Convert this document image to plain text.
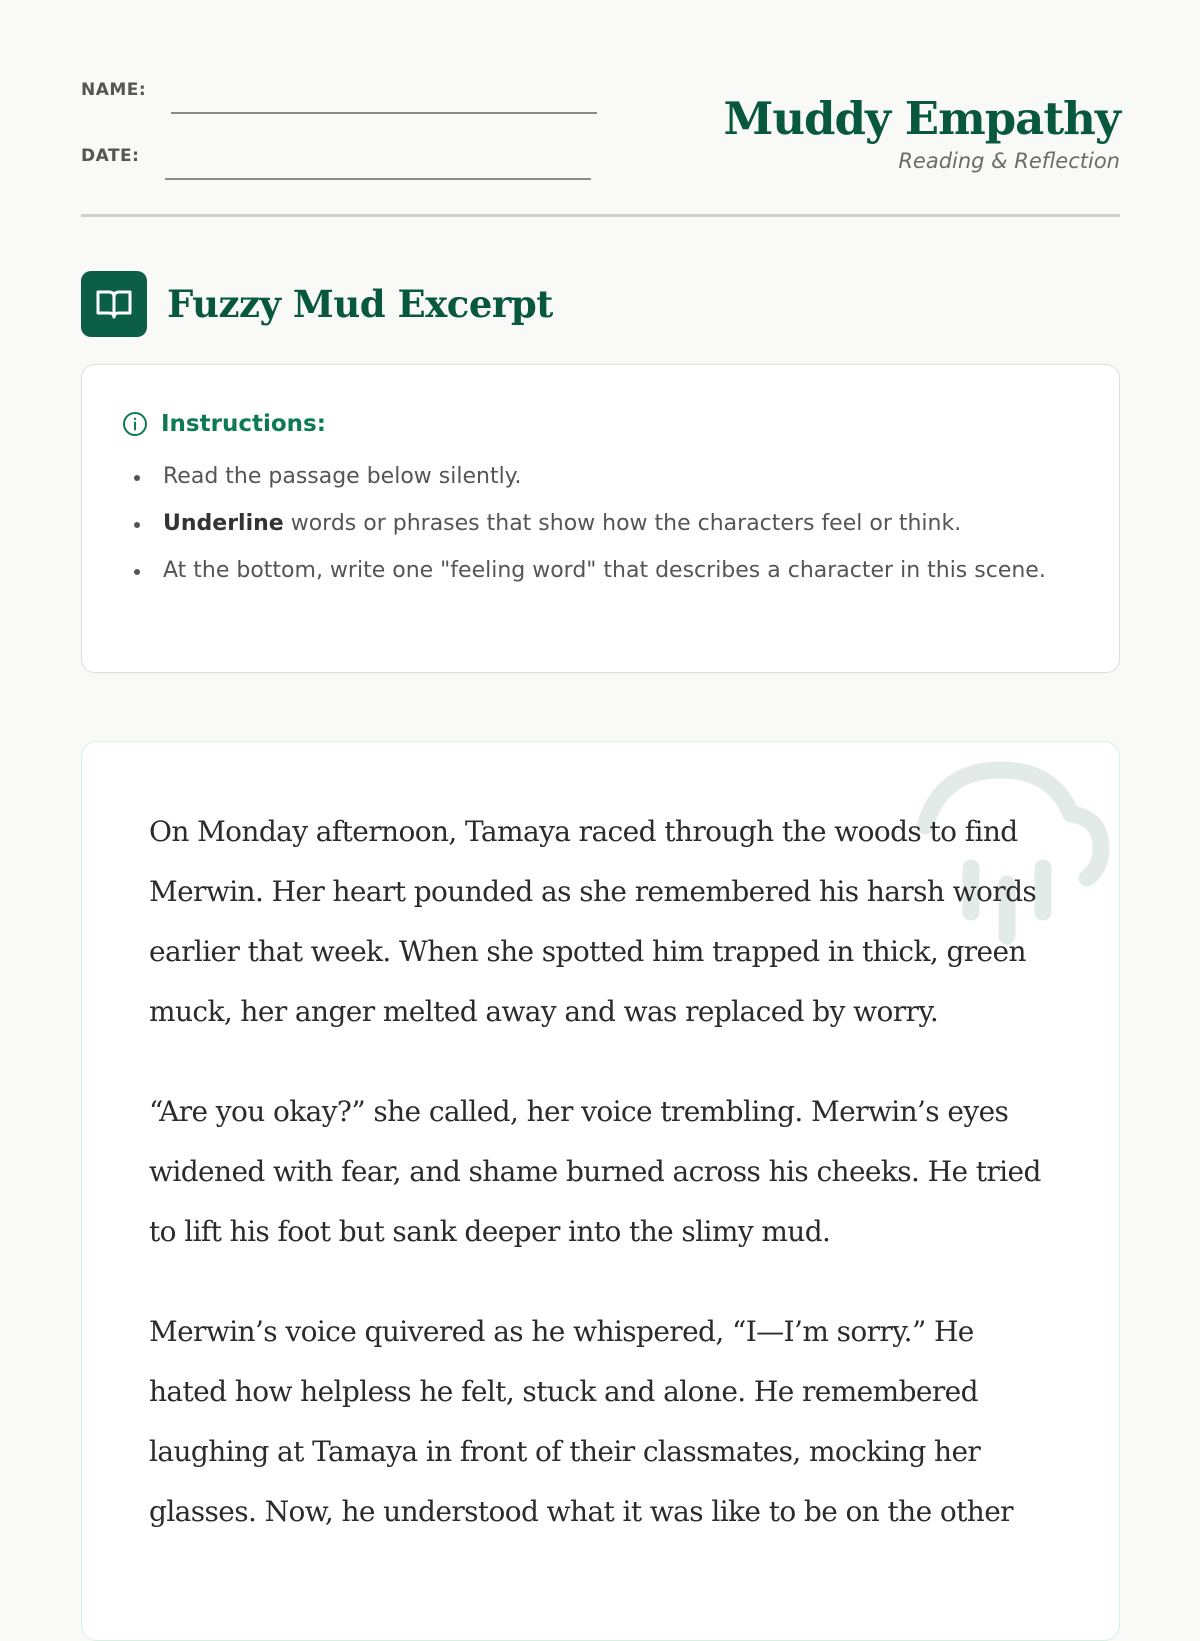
NAME:
DATE:
Muddy Empathy
Reading & Reflection
Fuzzy Mud Excerpt
Instructions:
Read the passage below silently.
Underline words or phrases that show how the characters feel or think.
At the bottom, write one "feeling word" that describes a character in this scene.

On Monday afternoon, Tamaya raced through the woods to find Merwin. Her heart pounded as she remembered his harsh words earlier that week. When she spotted him trapped in thick, green muck, her anger melted away and was replaced by worry.

“Are you okay?” she called, her voice trembling. Merwin’s eyes widened with fear, and shame burned across his cheeks. He tried to lift his foot but sank deeper into the slimy mud.

Merwin’s voice quivered as he whispered, “I—I’m sorry.” He hated how helpless he felt, stuck and alone. He remembered laughing at Tamaya in front of their classmates, mocking her glasses. Now, he understood what it was like to be on the other
